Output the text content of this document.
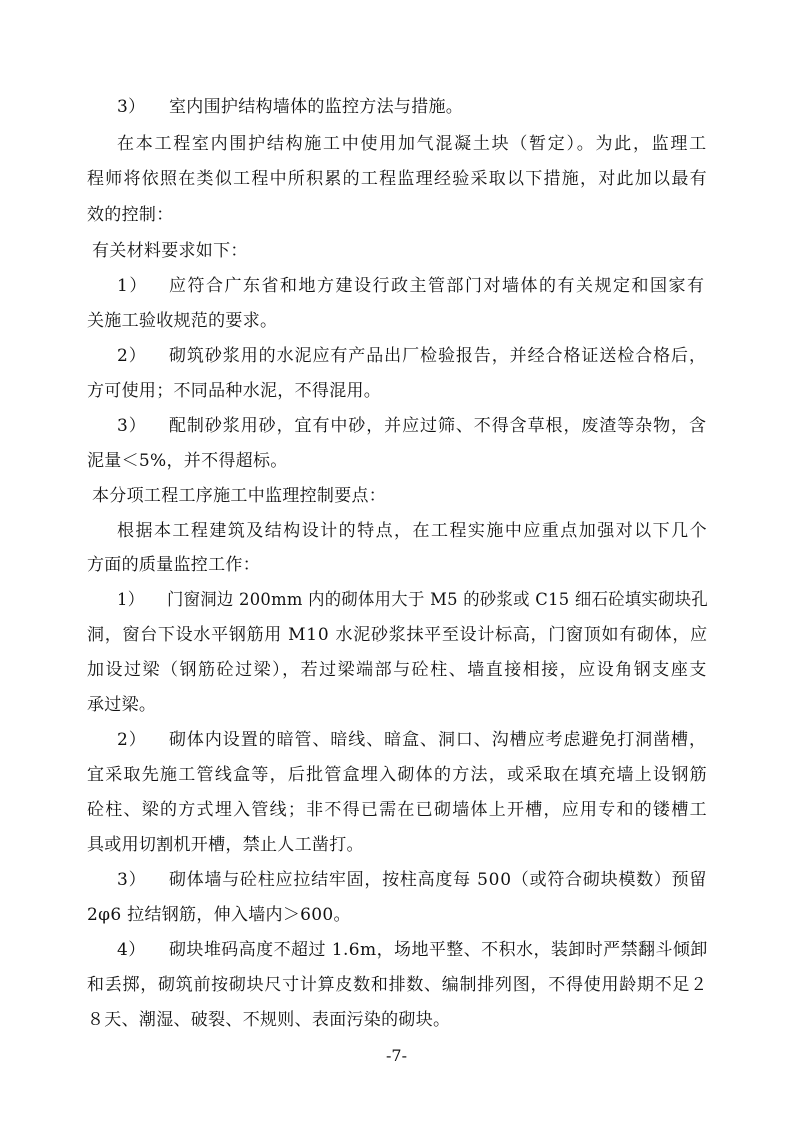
3） 室内围护结构墙体的监控方法与措施。
在本工程室内围护结构施工中使用加气混凝土块（暂定）。为此，监理工
程师将依照在类似工程中所积累的工程监理经验采取以下措施，对此加以最有
效的控制：
有关材料要求如下：
1） 应符合广东省和地方建设行政主管部门对墙体的有关规定和国家有
关施工验收规范的要求。
2） 砌筑砂浆用的水泥应有产品出厂检验报告，并经合格证送检合格后，
方可使用；不同品种水泥，不得混用。
3） 配制砂浆用砂，宜有中砂，并应过筛、不得含草根，废渣等杂物，含
泥量＜5%，并不得超标。
本分项工程工序施工中监理控制要点：
根据本工程建筑及结构设计的特点，在工程实施中应重点加强对以下几个
方面的质量监控工作：
1） 门窗洞边 200mm 内的砌体用大于 M5 的砂浆或 C15 细石砼填实砌块孔
洞，窗台下设水平钢筋用 M10 水泥砂浆抹平至设计标高，门窗顶如有砌体，应
加设过梁（钢筋砼过梁），若过梁端部与砼柱、墙直接相接，应设角钢支座支
承过梁。
2） 砌体内设置的暗管、暗线、暗盒、洞口、沟槽应考虑避免打洞凿槽，
宜采取先施工管线盒等，后批管盒埋入砌体的方法，或采取在填充墙上设钢筋
砼柱、梁的方式埋入管线；非不得已需在已砌墙体上开槽，应用专和的镂槽工
具或用切割机开槽，禁止人工凿打。
3） 砌体墙与砼柱应拉结牢固，按柱高度每 500（或符合砌块模数）预留
2φ6 拉结钢筋，伸入墙内＞600。
4） 砌块堆码高度不超过 1.6m，场地平整、不积水，装卸时严禁翻斗倾卸
和丢掷，砌筑前按砌块尺寸计算皮数和排数、编制排列图，不得使用龄期不足２
８天、潮湿、破裂、不规则、表面污染的砌块。
-7-
